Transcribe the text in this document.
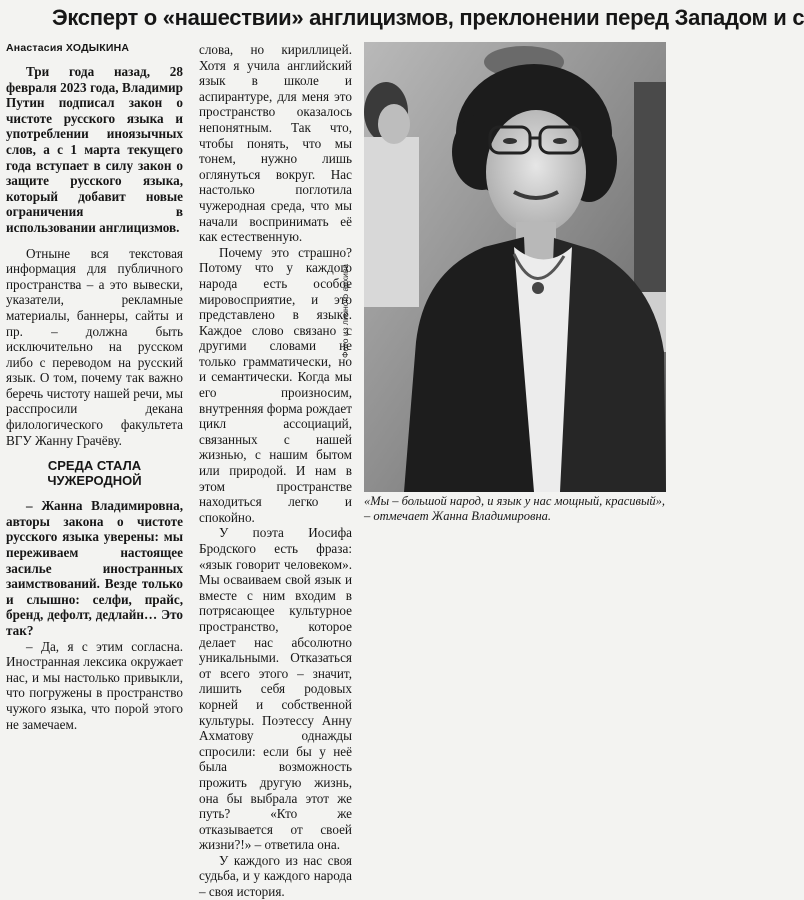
Эксперт о «нашествии» англицизмов, преклонении перед Западом и с

Анастасия ХОДЫКИНА

Три года назад, 28 февраля 2023 года, Владимир Путин подписал закон о чистоте русского языка и употреблении иноязычных слов, а с 1 марта текущего года вступает в силу закон о защите русского языка, который добавит новые ограничения в использовании англицизмов.

Отныне вся текстовая информация для публичного пространства – а это вывески, указатели, рекламные материалы, баннеры, сайты и пр. – должна быть исключительно на русском либо с переводом на русский язык. О том, почему так важно беречь чистоту нашей речи, мы расспросили декана филологического факультета ВГУ Жанну Грачёву.

СРЕДА СТАЛА ЧУЖЕРОДНОЙ

– Жанна Владимировна, авторы закона о чистоте русского языка уверены: мы переживаем настоящее засилье иностранных заимствований. Везде только и слышно: селфи, прайс, бренд, дефолт, дедлайн… Это так?

– Да, я с этим согласна. Иностранная лексика окружает нас, и мы настолько привыкли, что погружены в пространство чужого языка, что порой этого не замечаем.

слова, но кириллицей. Хотя я учила английский язык в школе и аспирантуре, для меня это пространство оказалось непонятным. Так что, чтобы понять, что мы тонем, нужно лишь оглянуться вокруг. Нас настолько поглотила чужеродная среда, что мы начали воспринимать её как естественную.

Почему это страшно? Потому что у каждого народа есть особое мировосприятие, и это представлено в языке. Каждое слово связано с другими словами не только грамматически, но и семантически. Когда мы его произносим, внутренняя форма рождает цикл ассоциаций, связанных с нашей жизнью, с нашим бытом или природой. И нам в этом пространстве находиться легко и спокойно.

У поэта Иосифа Бродского есть фраза: «язык говорит человеком». Мы осваиваем свой язык и вместе с ним входим в потрясающее культурное пространство, которое делает нас абсолютно уникальными. Отказаться от всего этого – значит, лишить себя родовых корней и собственной культуры. Поэтессу Анну Ахматову однажды спросили: если бы у неё была возможность прожить другую жизнь, она бы выбрала этот же путь? «Кто же отказывается от своей жизни?!» – ответила она.

У каждого из нас своя судьба, и у каждого народа – своя история.

Фото из личного архива
«Мы – большой народ, и язык у нас мощный, красивый», – отмечает Жанна Владимировна.
